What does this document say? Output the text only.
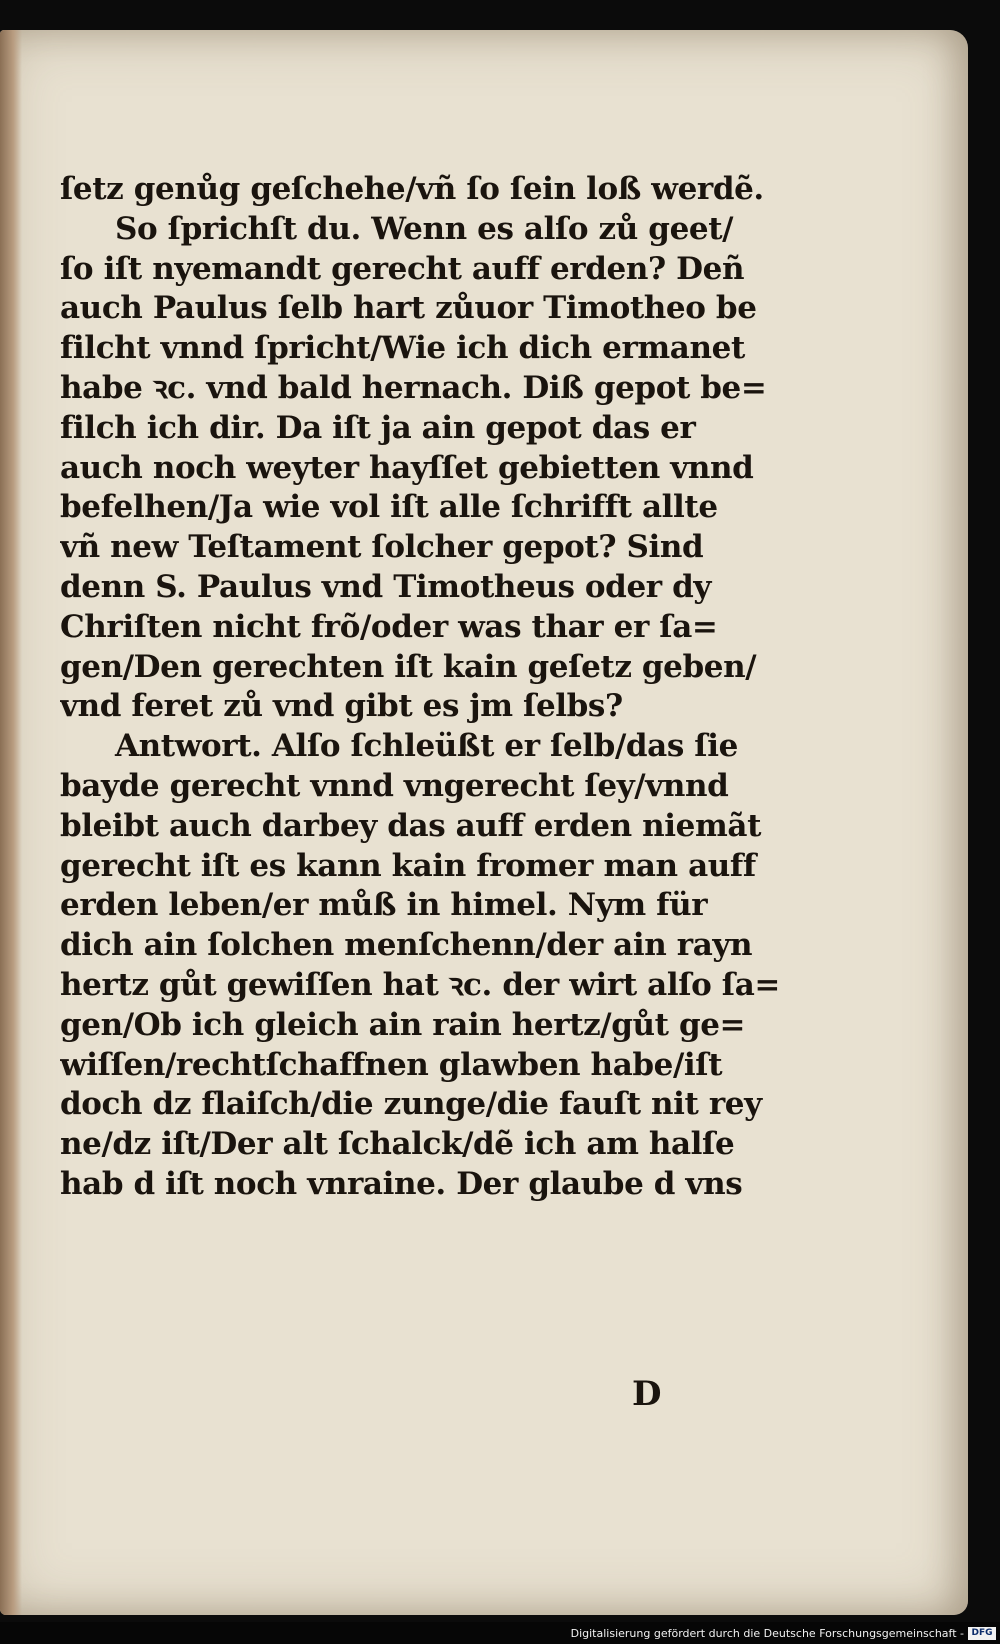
ſetz genůg geſchehe/vñ ſo ſein loß werdẽ.
So ſprichſt du. Wenn es alſo zů geet/
ſo iſt nyemandt gerecht auff erden? Deñ
auch Paulus ſelb hart zůuor Timotheo be
filcht vnnd ſpricht/Wie ich dich ermanet
habe ꝛc. vnd bald hernach. Diß gepot be=
filch ich dir. Da iſt ja ain gepot das er
auch noch weyter hayſſet gebietten vnnd
befelhen/Ja wie vol iſt alle ſchrifft allte
vñ new Teſtament ſolcher gepot? Sind
denn S. Paulus vnd Timotheus oder dy
Chriſten nicht frõ/oder was thar er ſa=
gen/Den gerechten iſt kain geſetz geben/
vnd feret zů vnd gibt es jm ſelbs?
Antwort. Alſo ſchleüßt er ſelb/das ſie
bayde gerecht vnnd vngerecht ſey/vnnd
bleibt auch darbey das auff erden niemãt
gerecht iſt es kann kain fromer man auff
erden leben/er můß in himel. Nym für
dich ain ſolchen menſchenn/der ain rayn
hertz gůt gewiſſen hat ꝛc. der wirt alſo ſa=
gen/Ob ich gleich ain rain hertz/gůt ge=
wiſſen/rechtſchaffnen glawben habe/iſt
doch dz flaiſch/die zunge/die fauſt nit rey
ne/dz iſt/Der alt ſchalck/dẽ ich am halſe
hab d iſt noch vnraine. Der glaube d vns
D
Digitalisierung gefördert durch die Deutsche Forschungsgemeinschaft - DFG
